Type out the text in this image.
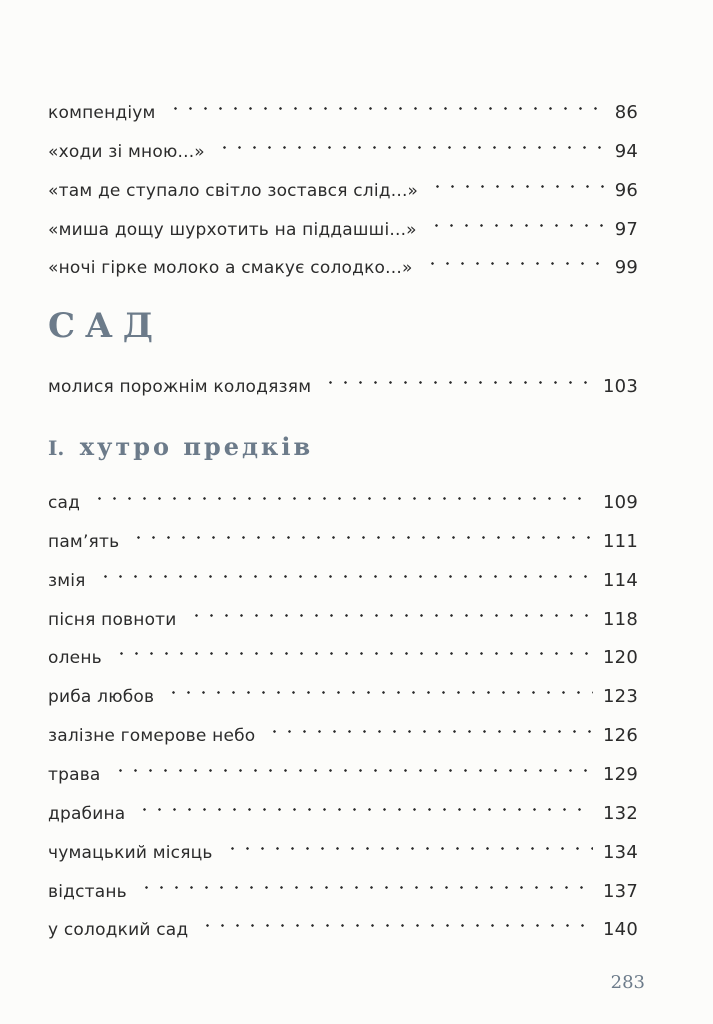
компендіум	86
«ходи зі мною...»	94
«там де ступало світло зостався слід...»	96
«миша дощу шурхотить на піддашші...»	97
«ночі гірке молоко а смакує солодко...»	99
САД
молися порожнім колодязям	103
I. хутро предків
сад	109
пам’ять	111
змія	114
пісня повноти	118
олень	120
риба любов	123
залізне гомерове небо	126
трава	129
драбина	132
чумацький місяць	134
відстань	137
у солодкий сад	140
283
